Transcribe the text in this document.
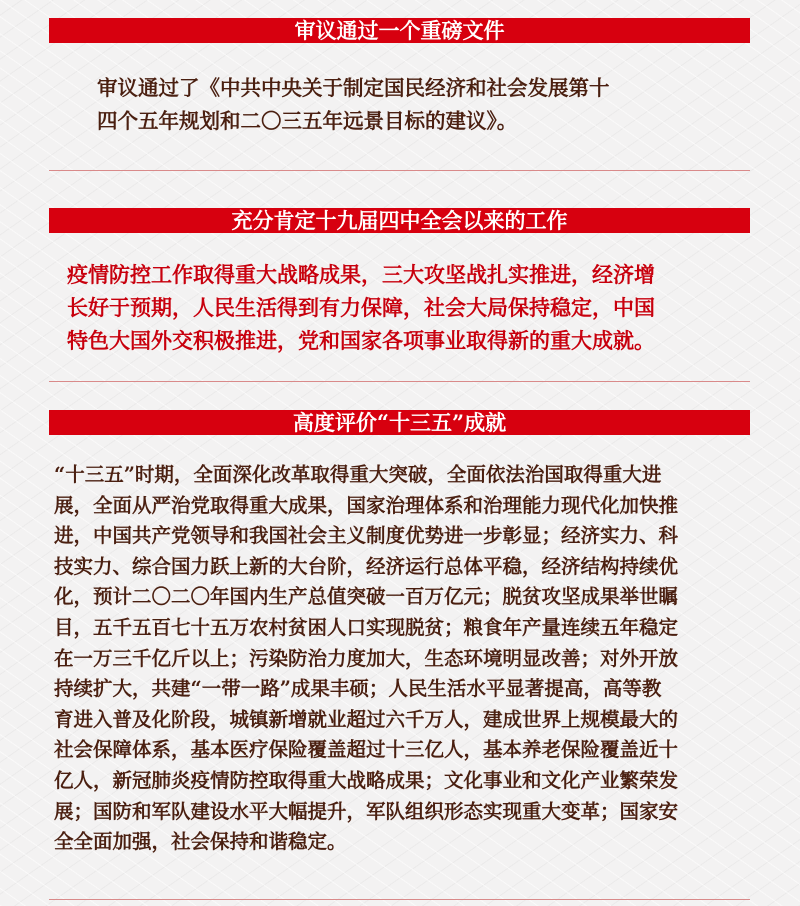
审议通过一个重磅文件
审议通过了《中共中央关于制定国民经济和社会发展第十
四个五年规划和二〇三五年远景目标的建议》。
充分肯定十九届四中全会以来的工作
疫情防控工作取得重大战略成果，三大攻坚战扎实推进，经济增
长好于预期，人民生活得到有力保障，社会大局保持稳定，中国
特色大国外交积极推进，党和国家各项事业取得新的重大成就。
高度评价“十三五”成就
“十三五”时期，全面深化改革取得重大突破，全面依法治国取得重大进
展，全面从严治党取得重大成果，国家治理体系和治理能力现代化加快推
进，中国共产党领导和我国社会主义制度优势进一步彰显；经济实力、科
技实力、综合国力跃上新的大台阶，经济运行总体平稳，经济结构持续优
化，预计二〇二〇年国内生产总值突破一百万亿元；脱贫攻坚成果举世瞩
目，五千五百七十五万农村贫困人口实现脱贫；粮食年产量连续五年稳定
在一万三千亿斤以上；污染防治力度加大，生态环境明显改善；对外开放
持续扩大，共建“一带一路”成果丰硕；人民生活水平显著提高，高等教
育进入普及化阶段，城镇新增就业超过六千万人，建成世界上规模最大的
社会保障体系，基本医疗保险覆盖超过十三亿人，基本养老保险覆盖近十
亿人，新冠肺炎疫情防控取得重大战略成果；文化事业和文化产业繁荣发
展；国防和军队建设水平大幅提升，军队组织形态实现重大变革；国家安
全全面加强，社会保持和谐稳定。
